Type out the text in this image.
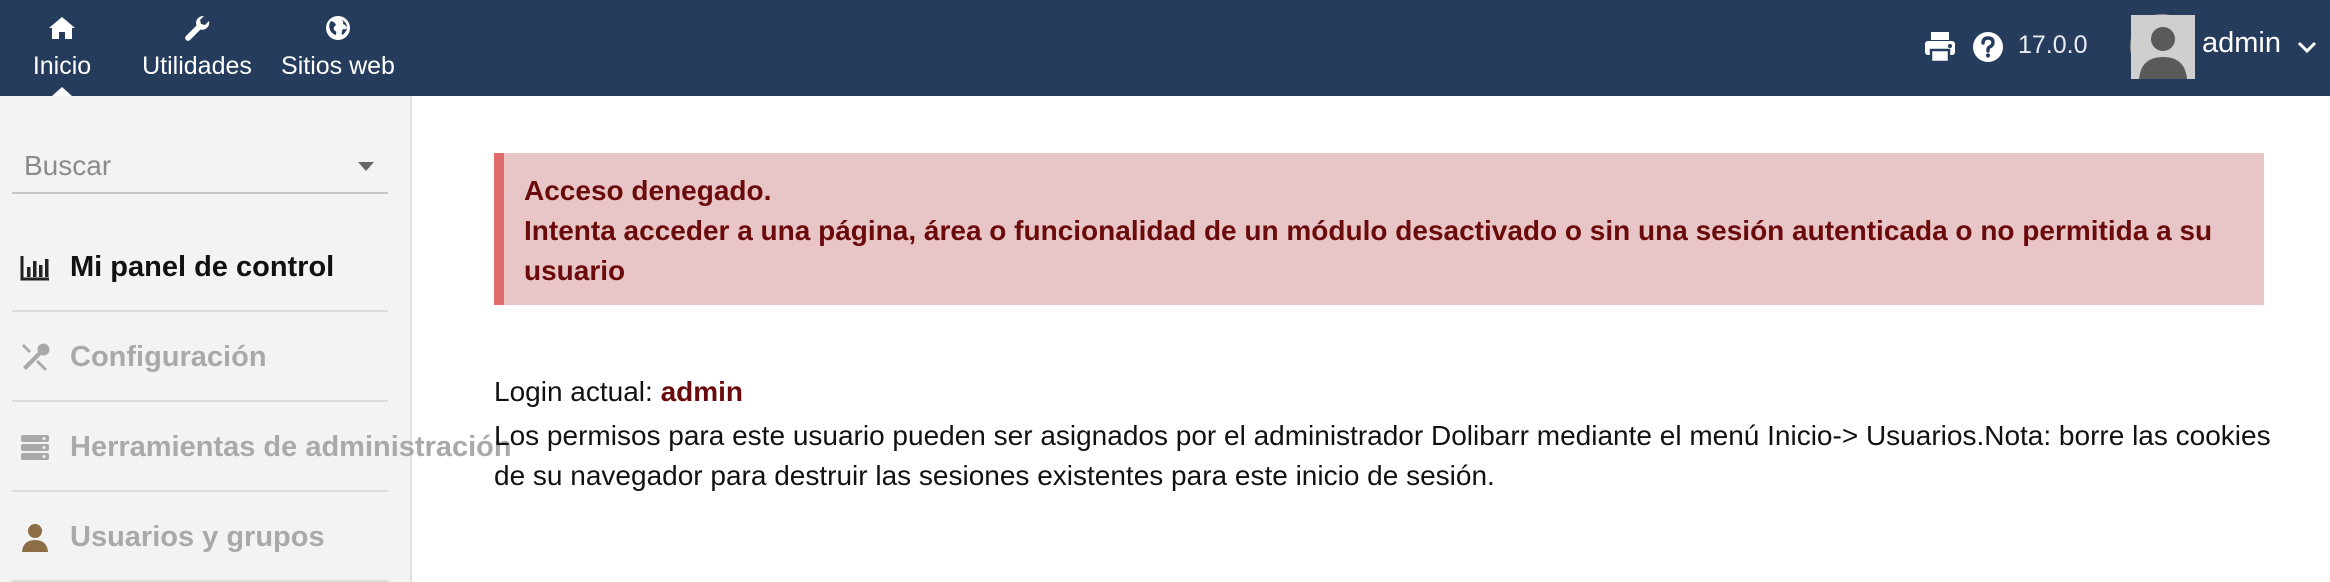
Inicio Utilidades Sitios web
17.0.0	admin
Buscar
Mi panel de control
Configuración
Herramientas de administración
Usuarios y grupos
Acceso denegado.
Intenta acceder a una página, área o funcionalidad de un módulo desactivado o sin una sesión autenticada o no permitida a su usuario
Login actual: admin
Los permisos para este usuario pueden ser asignados por el administrador Dolibarr mediante el menú Inicio-> Usuarios.Nota: borre las cookies de su navegador para destruir las sesiones existentes para este inicio de sesión.
